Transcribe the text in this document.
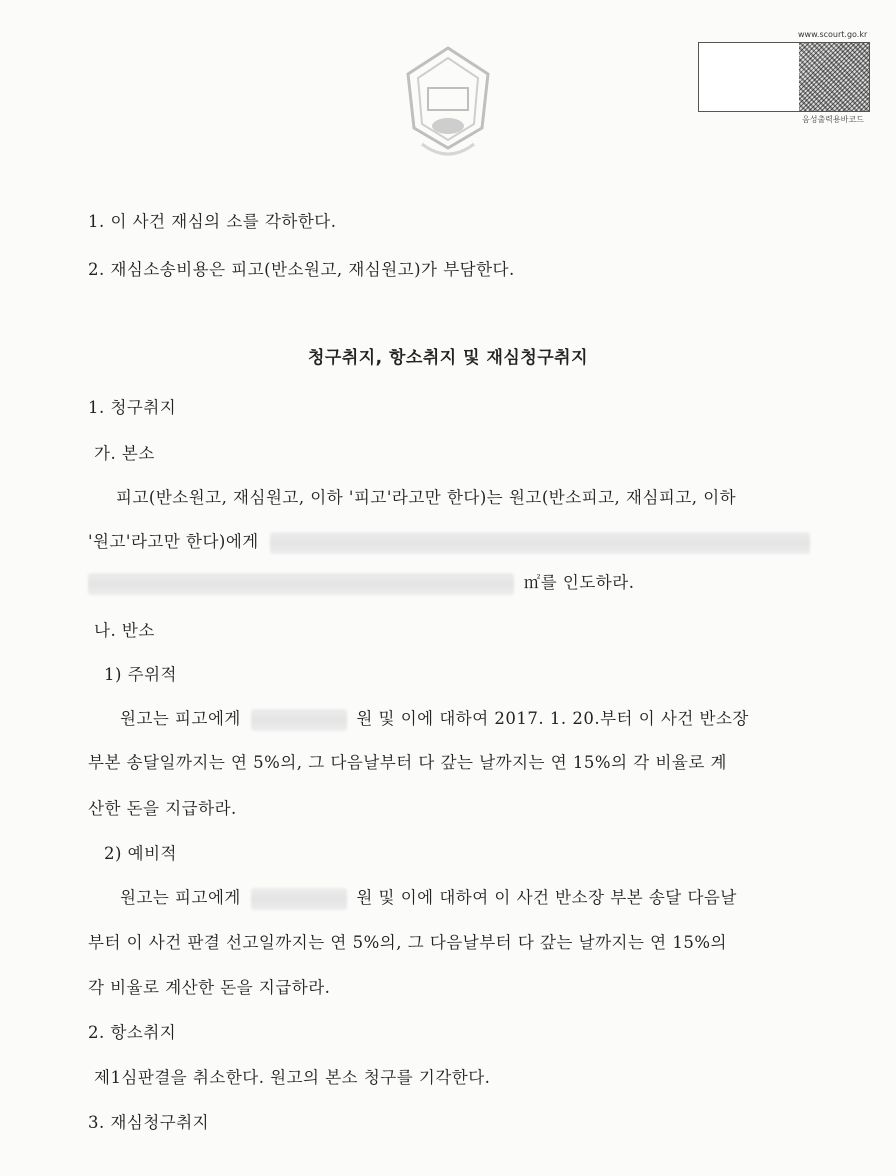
www.scourt.go.kr
음성출력용바코드
1. 이 사건 재심의 소를 각하한다.
2. 재심소송비용은 피고(반소원고, 재심원고)가 부담한다.
청구취지, 항소취지 및 재심청구취지
1. 청구취지
가. 본소
피고(반소원고, 재심원고, 이하 '피고'라고만 한다)는 원고(반소피고, 재심피고, 이하
'원고'라고만 한다)에게
㎡를 인도하라.
나. 반소
1) 주위적
원고는 피고에게	원 및 이에 대하여 2017. 1. 20.부터 이 사건 반소장
부본 송달일까지는 연 5%의, 그 다음날부터 다 갚는 날까지는 연 15%의 각 비율로 계
산한 돈을 지급하라.
2) 예비적
원고는 피고에게	원 및 이에 대하여 이 사건 반소장 부본 송달 다음날
부터 이 사건 판결 선고일까지는 연 5%의, 그 다음날부터 다 갚는 날까지는 연 15%의
각 비율로 계산한 돈을 지급하라.
2. 항소취지
제1심판결을 취소한다. 원고의 본소 청구를 기각한다.
3. 재심청구취지
